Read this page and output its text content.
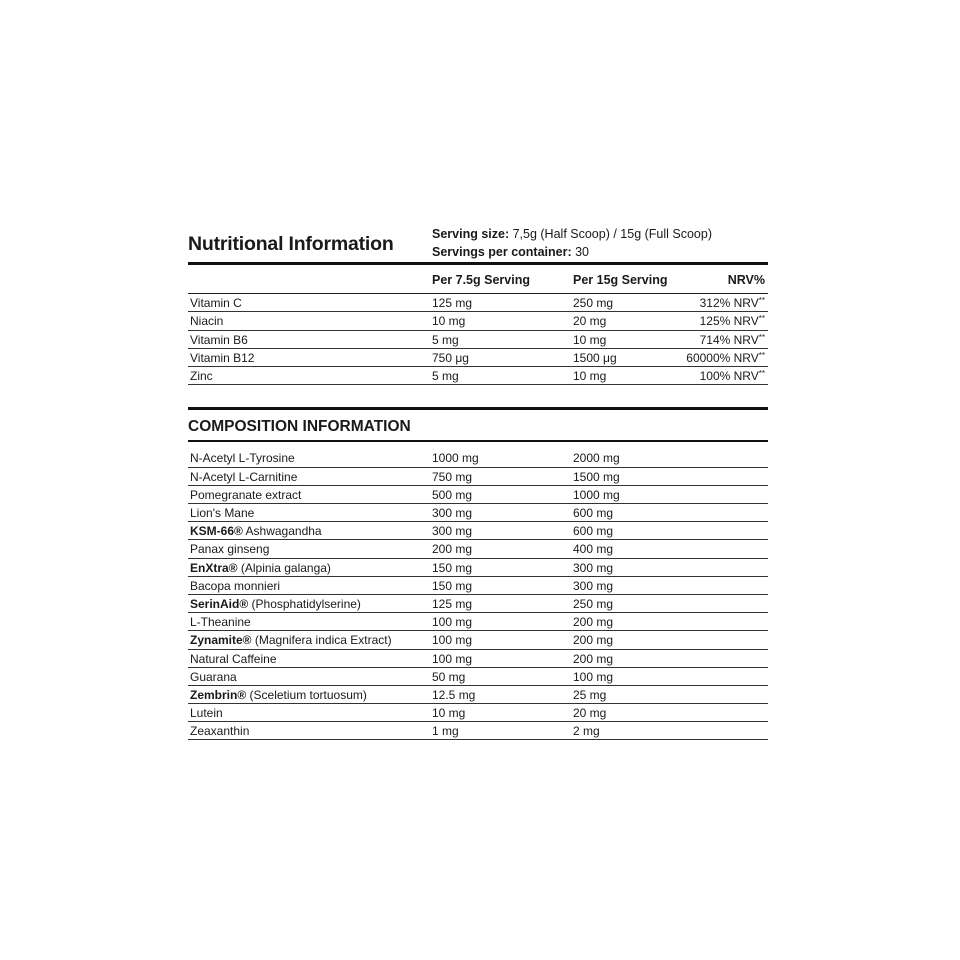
Nutritional Information	Serving size: 7,5g (Half Scoop) / 15g (Full Scoop)
Servings per container: 30
Per 7.5g Serving	Per 15g Serving	NRV%
Vitamin C	125 mg	250 mg	312% NRV**
Niacin	10 mg	20 mg	125% NRV**
Vitamin B6	5 mg	10 mg	714% NRV**
Vitamin B12	750 μg	1500 μg	60000% NRV**
Zinc	5 mg	10 mg	100% NRV**
COMPOSITION INFORMATION
N-Acetyl L-Tyrosine	1000 mg	2000 mg
N-Acetyl L-Carnitine	750 mg	1500 mg
Pomegranate extract	500 mg	1000 mg
Lion's Mane	300 mg	600 mg
KSM-66® Ashwagandha	300 mg	600 mg
Panax ginseng	200 mg	400 mg
EnXtra® (Alpinia galanga)	150 mg	300 mg
Bacopa monnieri	150 mg	300 mg
SerinAid® (Phosphatidylserine)	125 mg	250 mg
L-Theanine	100 mg	200 mg
Zynamite® (Magnifera indica Extract)	100 mg	200 mg
Natural Caffeine	100 mg	200 mg
Guarana	50 mg	100 mg
Zembrin® (Sceletium tortuosum)	12.5 mg	25 mg
Lutein	10 mg	20 mg
Zeaxanthin	1 mg	2 mg
